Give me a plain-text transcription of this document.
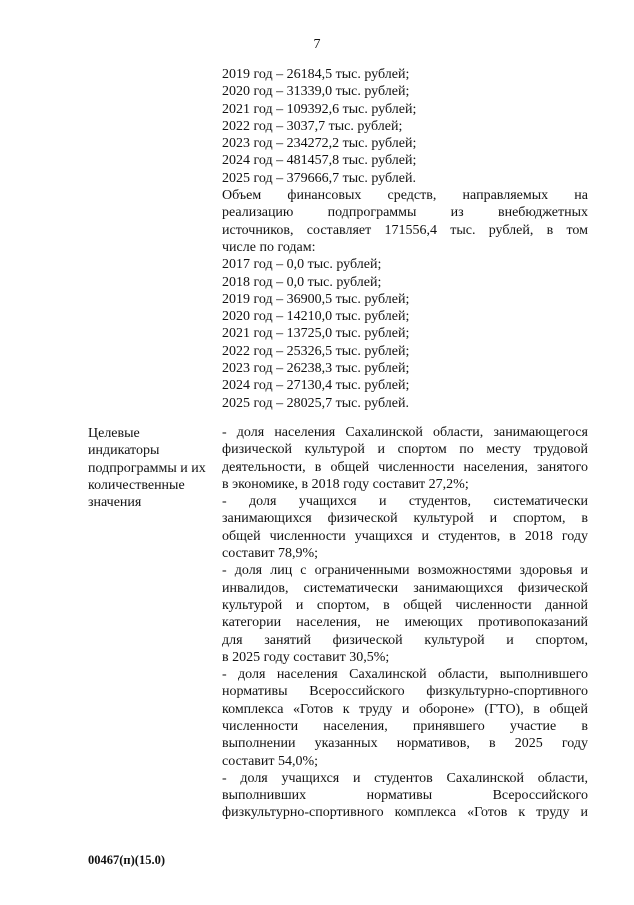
7
2019 год – 26184,5 тыс. рублей;
2020 год – 31339,0 тыс. рублей;
2021 год – 109392,6 тыс. рублей;
2022 год – 3037,7 тыс. рублей;
2023 год – 234272,2 тыс. рублей;
2024 год – 481457,8 тыс. рублей;
2025 год – 379666,7 тыс. рублей.
Объем финансовых средств, направляемых на
реализацию подпрограммы из внебюджетных
источников, составляет 171556,4 тыс. рублей, в том
числе по годам:
2017 год – 0,0 тыс. рублей;
2018 год – 0,0 тыс. рублей;
2019 год – 36900,5 тыс. рублей;
2020 год – 14210,0 тыс. рублей;
2021 год – 13725,0 тыс. рублей;
2022 год – 25326,5 тыс. рублей;
2023 год – 26238,3 тыс. рублей;
2024 год – 27130,4 тыс. рублей;
2025 год – 28025,7 тыс. рублей.
- доля населения Сахалинской области, занимающегося
физической культурой и спортом по месту трудовой
деятельности, в общей численности населения, занятого
в экономике, в 2018 году составит 27,2%;
- доля учащихся и студентов, систематически
занимающихся физической культурой и спортом, в
общей численности учащихся и студентов, в 2018 году
составит 78,9%;
- доля лиц с ограниченными возможностями здоровья и
инвалидов, систематически занимающихся физической
культурой и спортом, в общей численности данной
категории населения, не имеющих противопоказаний
для занятий физической культурой и спортом,
в 2025 году составит 30,5%;
- доля населения Сахалинской области, выполнившего
нормативы Всероссийского физкультурно-спортивного
комплекса «Готов к труду и обороне» (ГТО), в общей
численности населения, принявшего участие в
выполнении указанных нормативов, в 2025 году
составит 54,0%;
- доля учащихся и студентов Сахалинской области,
выполнивших нормативы Всероссийского
физкультурно-спортивного комплекса «Готов к труду и
Целевые
индикаторы
подпрограммы и их
количественные
значения
00467(п)(15.0)
